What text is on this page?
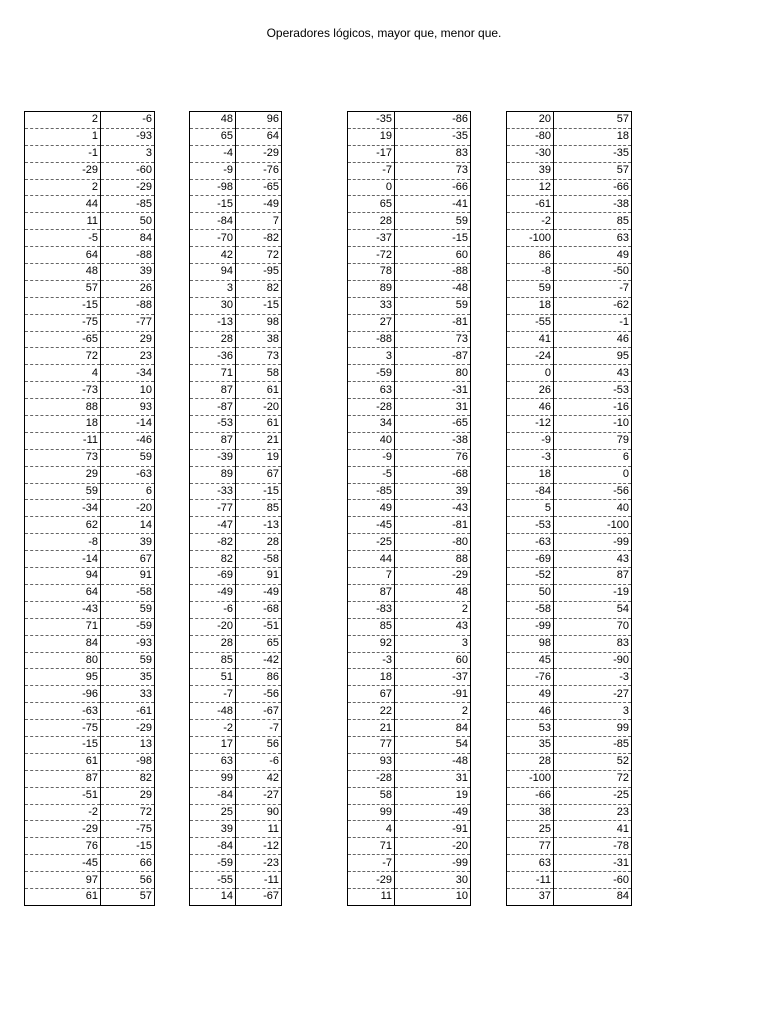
Operadores lógicos, mayor que, menor que.
2	-6
1	-93
-1	3
-29	-60
2	-29
44	-85
11	50
-5	84
64	-88
48	39
57	26
-15	-88
-75	-77
-65	29
72	23
4	-34
-73	10
88	93
18	-14
-11	-46
73	59
29	-63
59	6
-34	-20
62	14
-8	39
-14	67
94	91
64	-58
-43	59
71	-59
84	-93
80	59
95	35
-96	33
-63	-61
-75	-29
-15	13
61	-98
87	82
-51	29
-2	72
-29	-75
76	-15
-45	66
97	56
61	57
48	96
65	64
-4	-29
-9	-76
-98	-65
-15	-49
-84	7
-70	-82
42	72
94	-95
3	82
30	-15
-13	98
28	38
-36	73
71	58
87	61
-87	-20
-53	61
87	21
-39	19
89	67
-33	-15
-77	85
-47	-13
-82	28
82	-58
-69	91
-49	-49
-6	-68
-20	-51
28	65
85	-42
51	86
-7	-56
-48	-67
-2	-7
17	56
63	-6
99	42
-84	-27
25	90
39	11
-84	-12
-59	-23
-55	-11
14	-67
-35	-86
19	-35
-17	83
-7	73
0	-66
65	-41
28	59
-37	-15
-72	60
78	-88
89	-48
33	59
27	-81
-88	73
3	-87
-59	80
63	-31
-28	31
34	-65
40	-38
-9	76
-5	-68
-85	39
49	-43
-45	-81
-25	-80
44	88
7	-29
87	48
-83	2
85	43
92	3
-3	60
18	-37
67	-91
22	2
21	84
77	54
93	-48
-28	31
58	19
99	-49
4	-91
71	-20
-7	-99
-29	30
11	10
20	57
-80	18
-30	-35
39	57
12	-66
-61	-38
-2	85
-100	63
86	49
-8	-50
59	-7
18	-62
-55	-1
41	46
-24	95
0	43
26	-53
46	-16
-12	-10
-9	79
-3	6
18	0
-84	-56
5	40
-53	-100
-63	-99
-69	43
-52	87
50	-19
-58	54
-99	70
98	83
45	-90
-76	-3
49	-27
46	3
53	99
35	-85
28	52
-100	72
-66	-25
38	23
25	41
77	-78
63	-31
-11	-60
37	84
